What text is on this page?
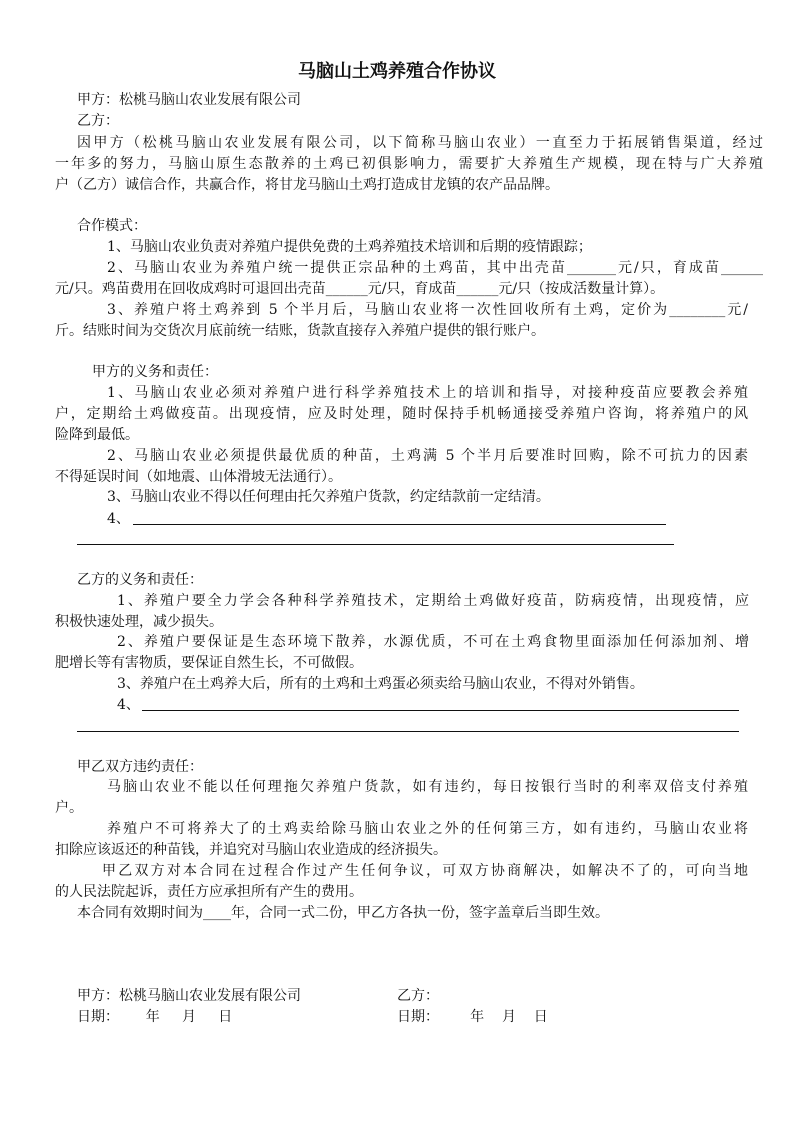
马脑山土鸡养殖合作协议
甲方：松桃马脑山农业发展有限公司
乙方：
因甲方（松桃马脑山农业发展有限公司，以下简称马脑山农业）一直至力于拓展销售渠道，经过
一年多的努力，马脑山原生态散养的土鸡已初俱影响力，需要扩大养殖生产规模，现在特与广大养殖
户（乙方）诚信合作，共赢合作，将甘龙马脑山土鸡打造成甘龙镇的农产品品牌。
合作模式：
1、马脑山农业负责对养殖户提供免费的土鸡养殖技术培训和后期的疫情跟踪；
2、马脑山农业为养殖户统一提供正宗品种的土鸡苗，其中出壳苗_______元/只，育成苗______
元/只。鸡苗费用在回收成鸡时可退回出壳苗______元/只，育成苗______元/只（按成活数量计算）。
3、养殖户将土鸡养到 5 个半月后，马脑山农业将一次性回收所有土鸡，定价为________元/
斤。结账时间为交货次月底前统一结账，货款直接存入养殖户提供的银行账户。
甲方的义务和责任：
1、马脑山农业必须对养殖户进行科学养殖技术上的培训和指导，对接种疫苗应要教会养殖
户，定期给土鸡做疫苗。出现疫情，应及时处理，随时保持手机畅通接受养殖户咨询，将养殖户的风
险降到最低。
2、马脑山农业必须提供最优质的种苗，土鸡满 5 个半月后要准时回购，除不可抗力的因素
不得延误时间（如地震、山体滑坡无法通行）。
3、马脑山农业不得以任何理由托欠养殖户货款，约定结款前一定结清。
4、
乙方的义务和责任：
1、养殖户要全力学会各种科学养殖技术，定期给土鸡做好疫苗，防病疫情，出现疫情，应
积极快速处理，减少损失。
2、养殖户要保证是生态环境下散养，水源优质，不可在土鸡食物里面添加任何添加剂、增
肥增长等有害物质，要保证自然生长，不可做假。
3、养殖户在土鸡养大后，所有的土鸡和土鸡蛋必须卖给马脑山农业，不得对外销售。
4、
甲乙双方违约责任：
马脑山农业不能以任何理拖欠养殖户货款，如有违约，每日按银行当时的利率双倍支付养殖
户。
养殖户不可将养大了的土鸡卖给除马脑山农业之外的任何第三方，如有违约，马脑山农业将
扣除应该返还的种苗钱，并追究对马脑山农业造成的经济损失。
甲乙双方对本合同在过程合作过产生任何争议，可双方协商解决，如解决不了的，可向当地
的人民法院起诉，责任方应承担所有产生的费用。
本合同有效期时间为____年，合同一式二份，甲乙方各执一份，签字盖章后当即生效。
甲方：松桃马脑山农业发展有限公司	乙方：
日期：      年     月     日	日期：       年    月    日
